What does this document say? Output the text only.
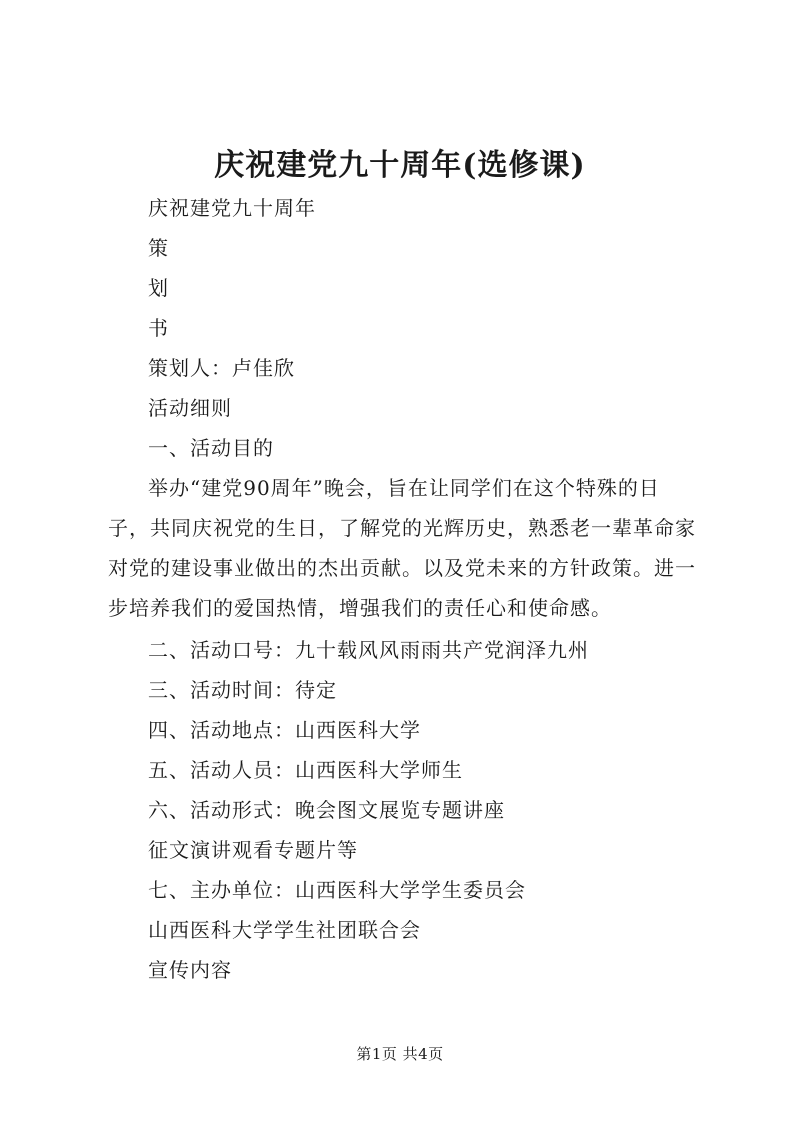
庆祝建党九十周年(选修课)
庆祝建党九十周年
策
划
书
策划人：卢佳欣
活动细则
一、活动目的
举办“建党90周年”晚会，旨在让同学们在这个特殊的日
子，共同庆祝党的生日，了解党的光辉历史，熟悉老一辈革命家
对党的建设事业做出的杰出贡献。以及党未来的方针政策。进一
步培养我们的爱国热情，增强我们的责任心和使命感。
二、活动口号：九十载风风雨雨共产党润泽九州
三、活动时间：待定
四、活动地点：山西医科大学
五、活动人员：山西医科大学师生
六、活动形式：晚会图文展览专题讲座
征文演讲观看专题片等
七、主办单位：山西医科大学学生委员会
山西医科大学学生社团联合会
宣传内容
第1页 共4页
